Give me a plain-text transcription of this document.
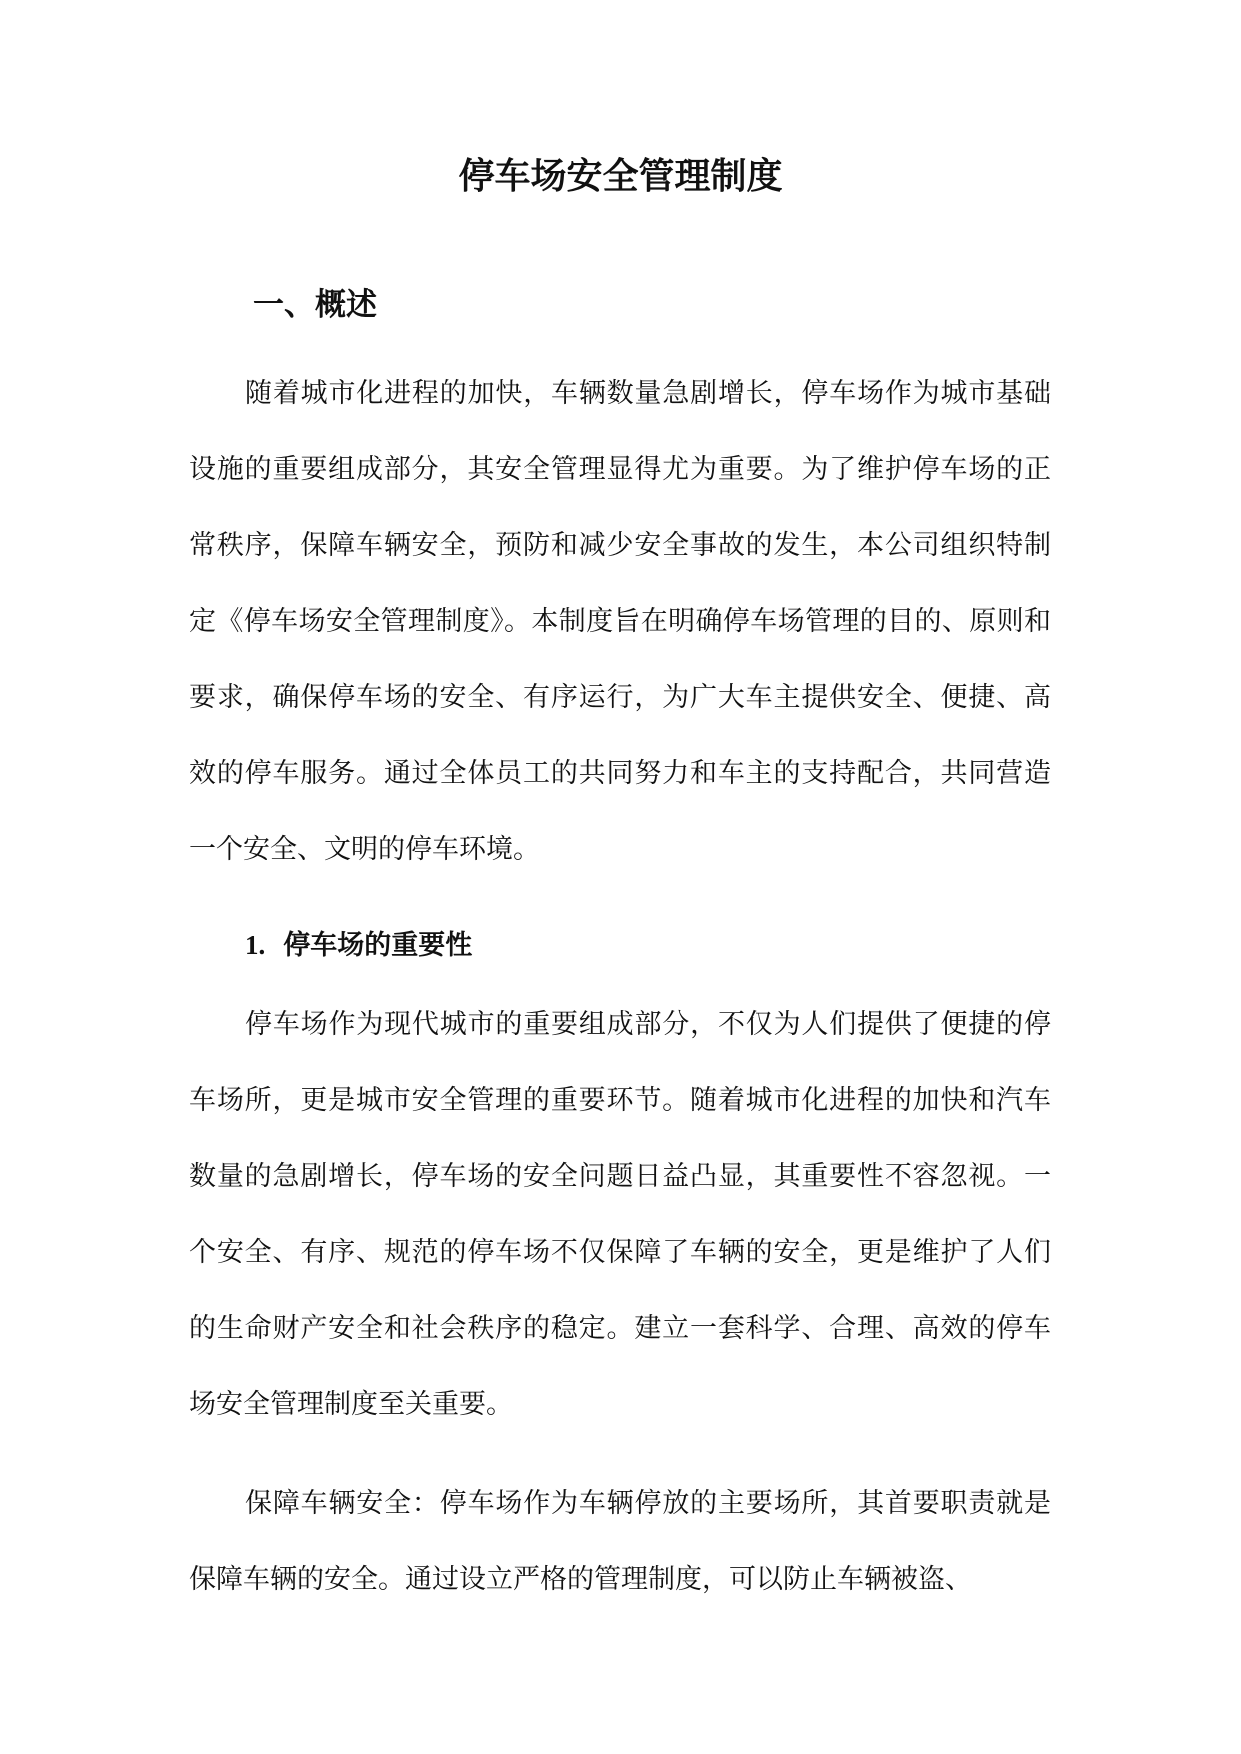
停车场安全管理制度
一、概述

随着城市化进程的加快，车辆数量急剧增长，停车场作为城市基础设施的重要组成部分，其安全管理显得尤为重要。为了维护停车场的正常秩序，保障车辆安全，预防和减少安全事故的发生，本公司组织特制定《停车场安全管理制度》。本制度旨在明确停车场管理的目的、原则和要求，确保停车场的安全、有序运行，为广大车主提供安全、便捷、高效的停车服务。通过全体员工的共同努力和车主的支持配合，共同营造一个安全、文明的停车环境。

1. 停车场的重要性

停车场作为现代城市的重要组成部分，不仅为人们提供了便捷的停车场所，更是城市安全管理的重要环节。随着城市化进程的加快和汽车数量的急剧增长，停车场的安全问题日益凸显，其重要性不容忽视。一个安全、有序、规范的停车场不仅保障了车辆的安全，更是维护了人们的生命财产安全和社会秩序的稳定。建立一套科学、合理、高效的停车场安全管理制度至关重要。

保障车辆安全：停车场作为车辆停放的主要场所，其首要职责就是保障车辆的安全。通过设立严格的管理制度，可以防止车辆被盗、
